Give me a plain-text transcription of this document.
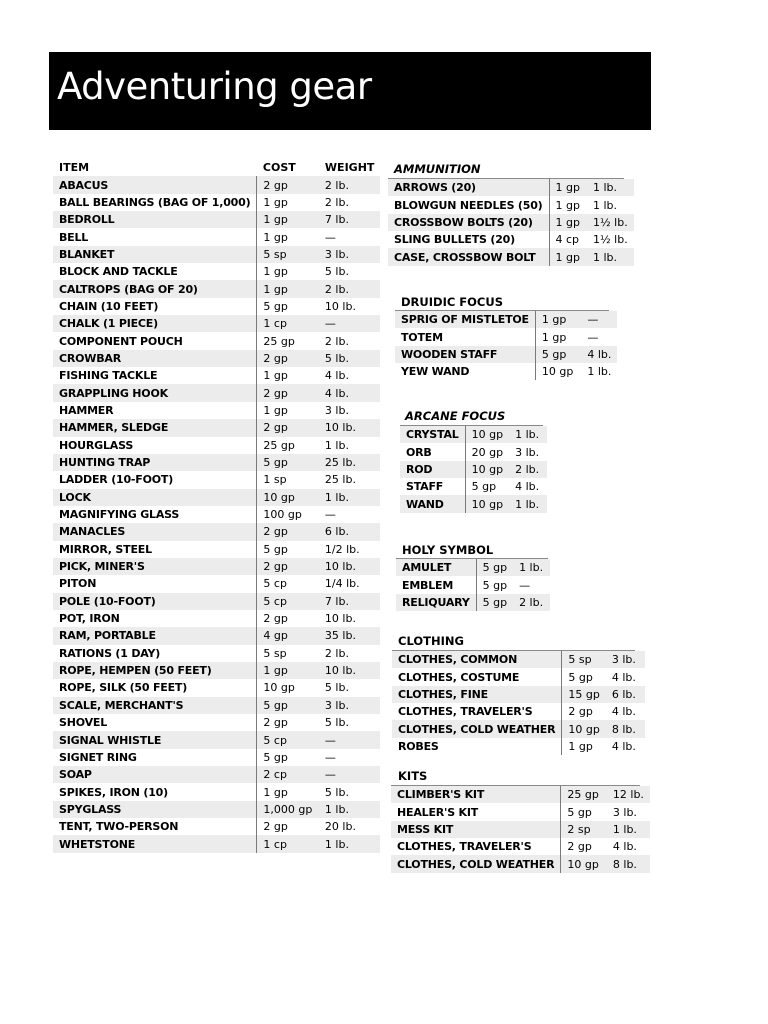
Adventuring gear
ITEM	COST	WEIGHT
ABACUS	2 gp	2 lb.
BALL BEARINGS (BAG OF 1,000)	1 gp	2 lb.
BEDROLL	1 gp	7 lb.
BELL	1 gp	—
BLANKET	5 sp	3 lb.
BLOCK AND TACKLE	1 gp	5 lb.
CALTROPS (BAG OF 20)	1 gp	2 lb.
CHAIN (10 FEET)	5 gp	10 lb.
CHALK (1 PIECE)	1 cp	—
COMPONENT POUCH	25 gp	2 lb.
CROWBAR	2 gp	5 lb.
FISHING TACKLE	1 gp	4 lb.
GRAPPLING HOOK	2 gp	4 lb.
HAMMER	1 gp	3 lb.
HAMMER, SLEDGE	2 gp	10 lb.
HOURGLASS	25 gp	1 lb.
HUNTING TRAP	5 gp	25 lb.
LADDER (10-FOOT)	1 sp	25 lb.
LOCK	10 gp	1 lb.
MAGNIFYING GLASS	100 gp	—
MANACLES	2 gp	6 lb.
MIRROR, STEEL	5 gp	1/2 lb.
PICK, MINER'S	2 gp	10 lb.
PITON	5 cp	1/4 lb.
POLE (10-FOOT)	5 cp	7 lb.
POT, IRON	2 gp	10 lb.
RAM, PORTABLE	4 gp	35 lb.
RATIONS (1 DAY)	5 sp	2 lb.
ROPE, HEMPEN (50 FEET)	1 gp	10 lb.
ROPE, SILK (50 FEET)	10 gp	5 lb.
SCALE, MERCHANT'S	5 gp	3 lb.
SHOVEL	2 gp	5 lb.
SIGNAL WHISTLE	5 cp	—
SIGNET RING	5 gp	—
SOAP	2 cp	—
SPIKES, IRON (10)	1 gp	5 lb.
SPYGLASS	1,000 gp	1 lb.
TENT, TWO-PERSON	2 gp	20 lb.
WHETSTONE	1 cp	1 lb.
AMMUNITION
ARROWS (20)	1 gp	1 lb.
BLOWGUN NEEDLES (50)	1 gp	1 lb.
CROSSBOW BOLTS (20)	1 gp	1½ lb.
SLING BULLETS (20)	4 cp	1½ lb.
CASE, CROSSBOW BOLT	1 gp	1 lb.
DRUIDIC FOCUS
SPRIG OF MISTLETOE	1 gp	—
TOTEM	1 gp	—
WOODEN STAFF	5 gp	4 lb.
YEW WAND	10 gp	1 lb.
ARCANE FOCUS
CRYSTAL	10 gp	1 lb.
ORB	20 gp	3 lb.
ROD	10 gp	2 lb.
STAFF	5 gp	4 lb.
WAND	10 gp	1 lb.
HOLY SYMBOL
AMULET	5 gp	1 lb.
EMBLEM	5 gp	—
RELIQUARY	5 gp	2 lb.
CLOTHING
CLOTHES, COMMON	5 sp	3 lb.
CLOTHES, COSTUME	5 gp	4 lb.
CLOTHES, FINE	15 gp	6 lb.
CLOTHES, TRAVELER'S	2 gp	4 lb.
CLOTHES, COLD WEATHER	10 gp	8 lb.
ROBES	1 gp	4 lb.
KITS
CLIMBER'S KIT	25 gp	12 lb.
HEALER'S KIT	5 gp	3 lb.
MESS KIT	2 sp	1 lb.
CLOTHES, TRAVELER'S	2 gp	4 lb.
CLOTHES, COLD WEATHER	10 gp	8 lb.
